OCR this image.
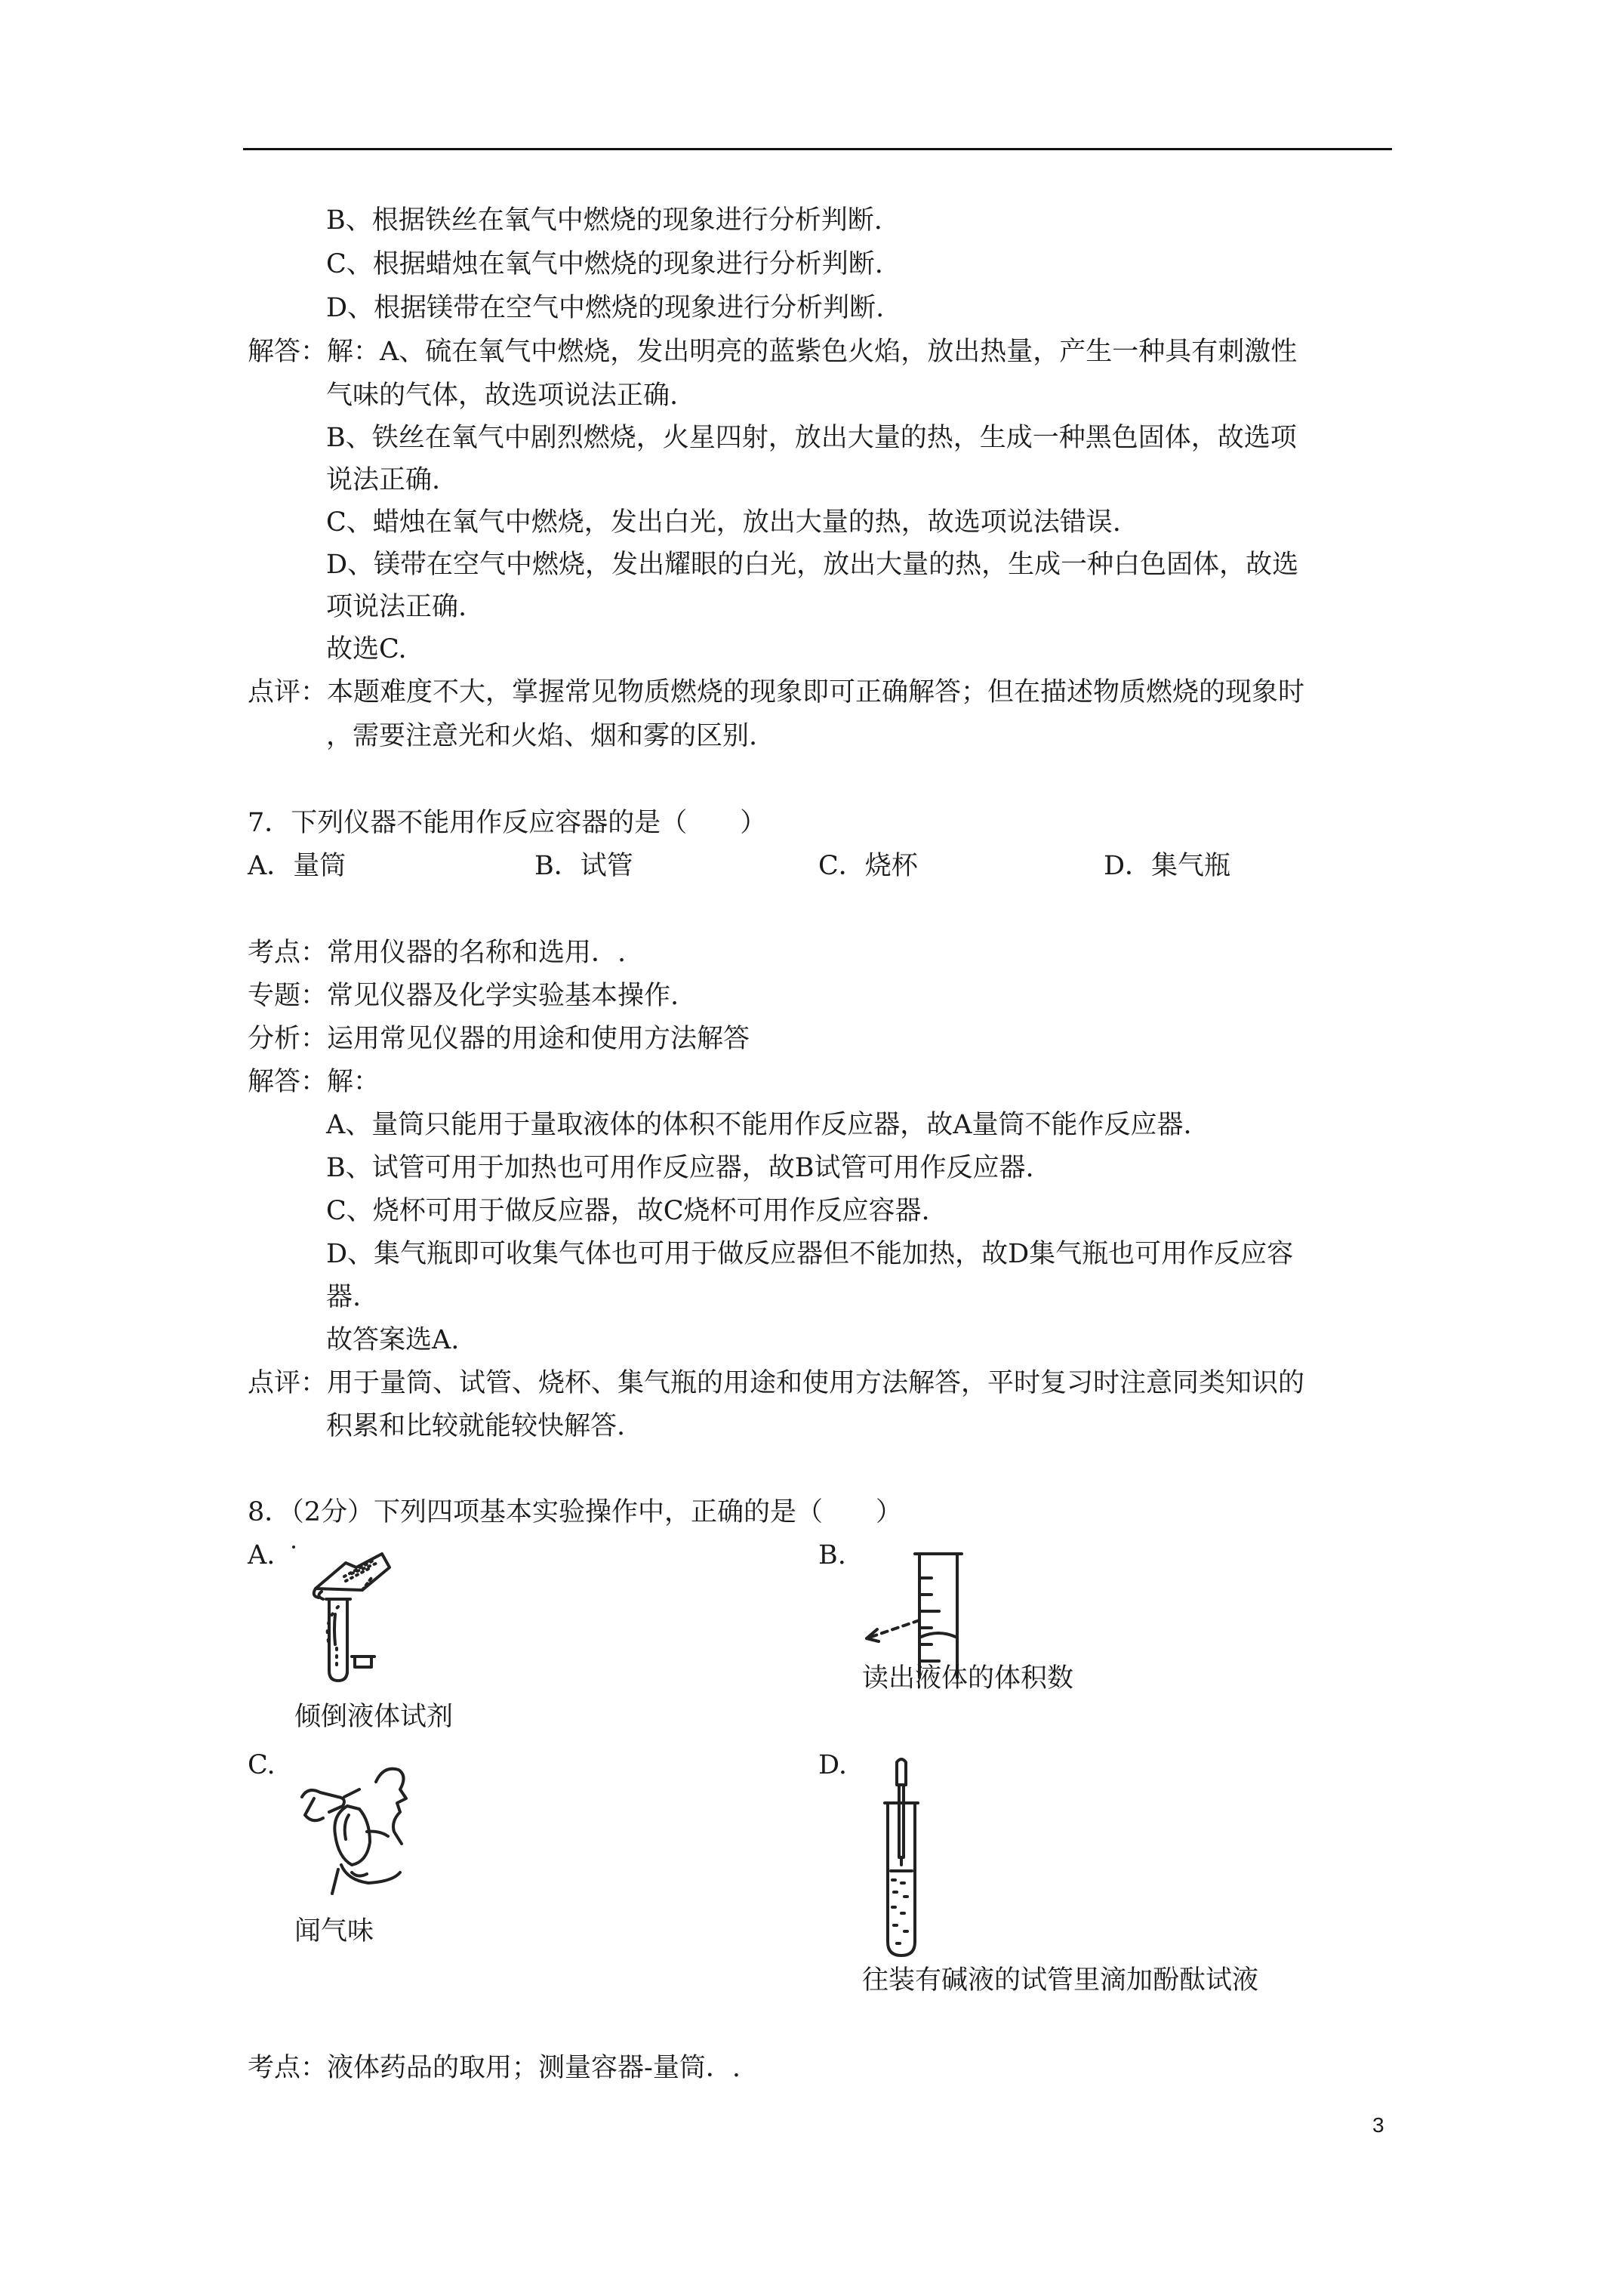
B、根据铁丝在氧气中燃烧的现象进行分析判断.
C、根据蜡烛在氧气中燃烧的现象进行分析判断.
D、根据镁带在空气中燃烧的现象进行分析判断.
解答：解：A、硫在氧气中燃烧，发出明亮的蓝紫色火焰，放出热量，产生一种具有刺激性
气味的气体，故选项说法正确.
B、铁丝在氧气中剧烈燃烧，火星四射，放出大量的热，生成一种黑色固体，故选项
说法正确.
C、蜡烛在氧气中燃烧，发出白光，放出大量的热，故选项说法错误.
D、镁带在空气中燃烧，发出耀眼的白光，放出大量的热，生成一种白色固体，故选
项说法正确.
故选C.
点评：本题难度不大，掌握常见物质燃烧的现象即可正确解答；但在描述物质燃烧的现象时
，需要注意光和火焰、烟和雾的区别.
7．下列仪器不能用作反应容器的是（　　）
A．量筒	B．试管	C．烧杯	D．集气瓶
考点：常用仪器的名称和选用．.
专题：常见仪器及化学实验基本操作.
分析：运用常见仪器的用途和使用方法解答
解答：解：
A、量筒只能用于量取液体的体积不能用作反应器，故A量筒不能作反应器.
B、试管可用于加热也可用作反应器，故B试管可用作反应器.
C、烧杯可用于做反应器，故C烧杯可用作反应容器.
D、集气瓶即可收集气体也可用于做反应器但不能加热，故D集气瓶也可用作反应容
器.
故答案选A.
点评：用于量筒、试管、烧杯、集气瓶的用途和使用方法解答，平时复习时注意同类知识的
积累和比较就能较快解答.
8．（2分）下列四项基本实验操作中，正确的是（　　）
A.
倾倒液体试剂
B.
读出液体的体积数
C.
闻气味
D.
往装有碱液的试管里滴加酚酞试液
考点：液体药品的取用；测量容器-量筒．.
3
